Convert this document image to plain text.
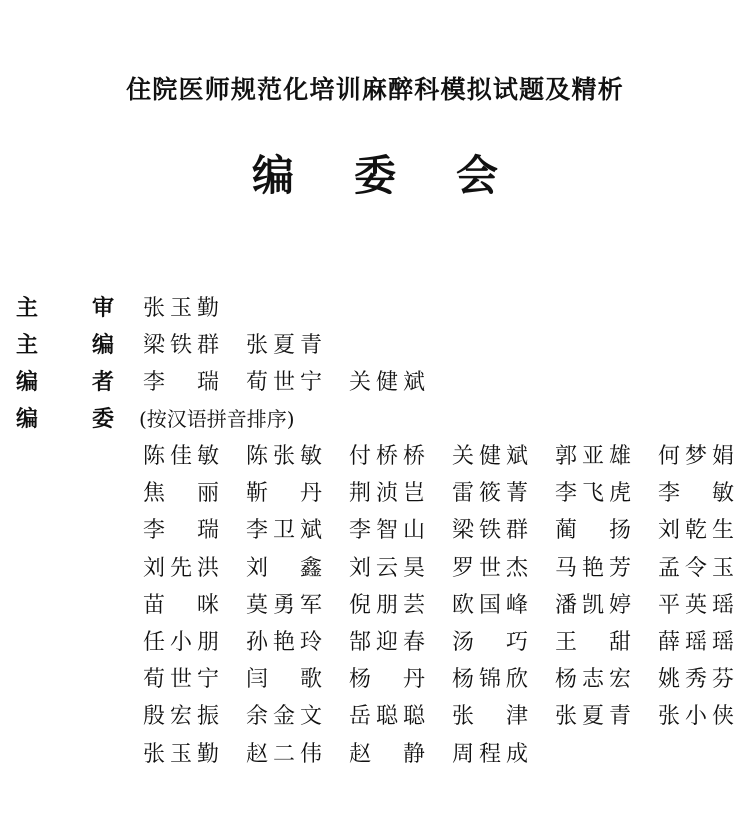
住院医师规范化培训麻醉科模拟试题及精析
编 委 会
主 审 张玉勤
主 编 梁铁群 张夏青
编 者 李 瑞 荀世宁 关健斌
编 委 (按汉语拼音排序)
陈佳敏	陈张敏	付桥桥	关健斌	郭亚雄	何梦娟
焦 丽	靳 丹	荆浈岂	雷筱菁	李飞虎	李 敏
李 瑞	李卫斌	李智山	梁铁群	蔺 扬	刘乾生
刘先洪	刘 鑫	刘云昊	罗世杰	马艳芳	孟令玉
苗 咪	莫勇军	倪朋芸	欧国峰	潘凯婷	平英瑶
任小朋	孙艳玲	郜迎春	汤 巧	王 甜	薛瑶瑶
荀世宁	闫 歌	杨 丹	杨锦欣	杨志宏	姚秀芬
殷宏振	余金文	岳聪聪	张 津	张夏青	张小侠
张玉勤	赵二伟	赵 静	周程成
